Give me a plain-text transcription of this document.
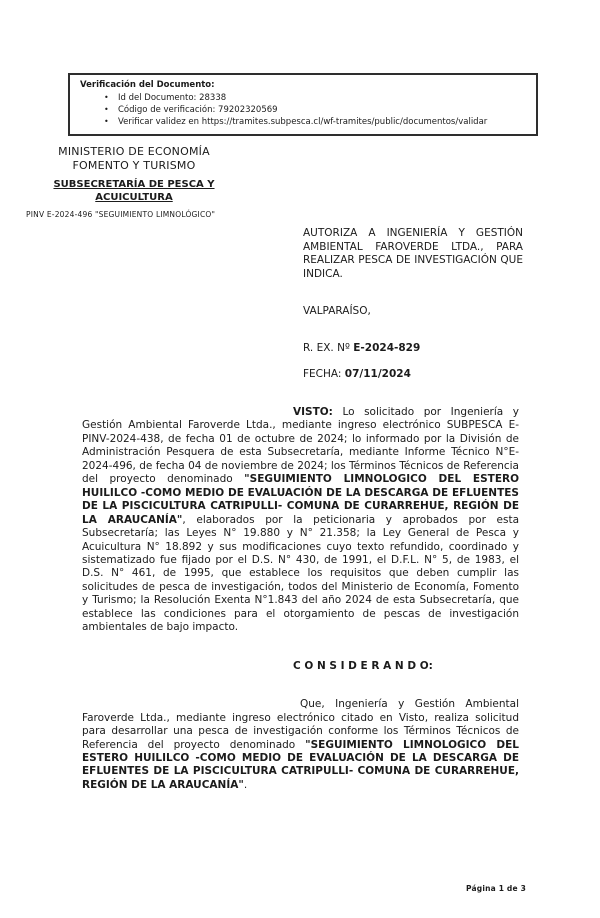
Verificación del Documento:
• Id del Documento: 28338
• Código de verificación: 79202320569
• Verificar validez en https://tramites.subpesca.cl/wf-tramites/public/documentos/validar
MINISTERIO DE ECONOMÍA
FOMENTO Y TURISMO
SUBSECRETARÍA DE PESCA Y
ACUICULTURA
PINV E-2024-496 "SEGUIMIENTO LIMNOLÓGICO"

AUTORIZA A INGENIERÍA Y GESTIÓN AMBIENTAL FAROVERDE LTDA., PARA REALIZAR PESCA DE INVESTIGACIÓN QUE INDICA.

VALPARAÍSO,

R. EX. Nº E-2024-829

FECHA: 07/11/2024

VISTO: Lo solicitado por Ingeniería y Gestión Ambiental Faroverde Ltda., mediante ingreso electrónico SUBPESCA E-PINV-2024-438, de fecha 01 de octubre de 2024; lo informado por la División de Administración Pesquera de esta Subsecretaría, mediante Informe Técnico N°E-2024-496, de fecha 04 de noviembre de 2024; los Términos Técnicos de Referencia del proyecto denominado "SEGUIMIENTO LIMNOLOGICO DEL ESTERO HUILILCO -COMO MEDIO DE EVALUACIÓN DE LA DESCARGA DE EFLUENTES DE LA PISCICULTURA CATRIPULLI- COMUNA DE CURARREHUE, REGIÓN DE LA ARAUCANÍA", elaborados por la peticionaria y aprobados por esta Subsecretaría; las Leyes N° 19.880 y N° 21.358; la Ley General de Pesca y Acuicultura N° 18.892 y sus modificaciones cuyo texto refundido, coordinado y sistematizado fue fijado por el D.S. N° 430, de 1991, el D.F.L. N° 5, de 1983, el D.S. N° 461, de 1995, que establece los requisitos que deben cumplir las solicitudes de pesca de investigación, todos del Ministerio de Economía, Fomento y Turismo; la Resolución Exenta N°1.843 del año 2024 de esta Subsecretaría, que establece las condiciones para el otorgamiento de pescas de investigación ambientales de bajo impacto.

C O N S I D E R A N D O:

Que, Ingeniería y Gestión Ambiental Faroverde Ltda., mediante ingreso electrónico citado en Visto, realiza solicitud para desarrollar una pesca de investigación conforme los Términos Técnicos de Referencia del proyecto denominado "SEGUIMIENTO LIMNOLOGICO DEL ESTERO HUILILCO -COMO MEDIO DE EVALUACIÓN DE LA DESCARGA DE EFLUENTES DE LA PISCICULTURA CATRIPULLI- COMUNA DE CURARREHUE, REGIÓN DE LA ARAUCANÍA".

Página 1 de 3
